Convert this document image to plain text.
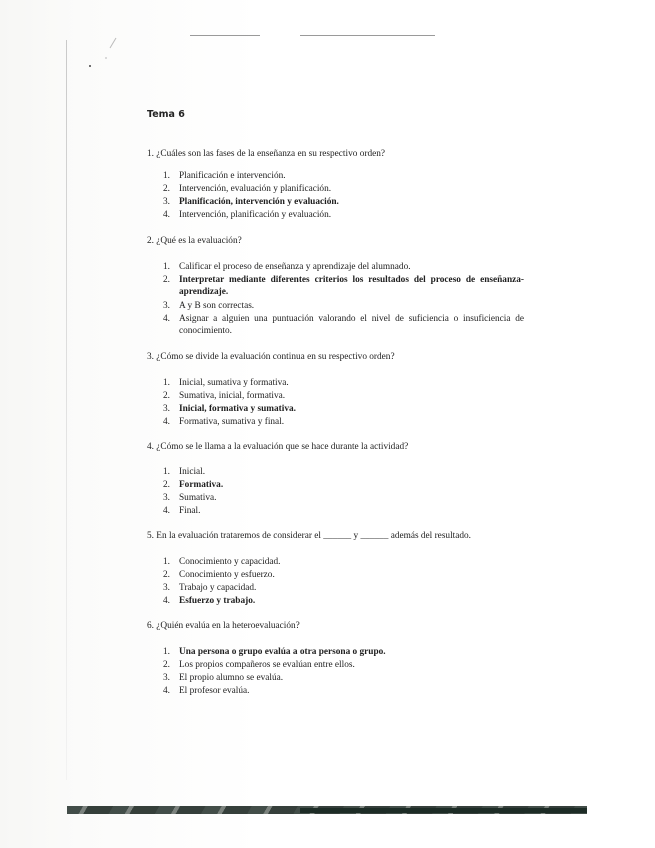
Tema 6
1. ¿Cuáles son las fases de la enseñanza en su respectivo orden?
1. Planificación e intervención.
2. Intervención, evaluación y planificación.
3. Planificación, intervención y evaluación.
4. Intervención, planificación y evaluación.
2. ¿Qué es la evaluación?
1. Calificar el proceso de enseñanza y aprendizaje del alumnado.
2. Interpretar mediante diferentes criterios los resultados del proceso de enseñanza-aprendizaje.
3. A y B son correctas.
4. Asignar a alguien una puntuación valorando el nivel de suficiencia o insuficiencia de conocimiento.
3. ¿Cómo se divide la evaluación continua en su respectivo orden?
1. Inicial, sumativa y formativa.
2. Sumativa, inicial, formativa.
3. Inicial, formativa y sumativa.
4. Formativa, sumativa y final.
4. ¿Cómo se le llama a la evaluación que se hace durante la actividad?
1. Inicial.
2. Formativa.
3. Sumativa.
4. Final.
5. En la evaluación trataremos de considerar el ______ y ______ además del resultado.
1. Conocimiento y capacidad.
2. Conocimiento y esfuerzo.
3. Trabajo y capacidad.
4. Esfuerzo y trabajo.
6. ¿Quién evalúa en la heteroevaluación?
1. Una persona o grupo evalúa a otra persona o grupo.
2. Los propios compañeros se evalúan entre ellos.
3. El propio alumno se evalúa.
4. El profesor evalúa.
